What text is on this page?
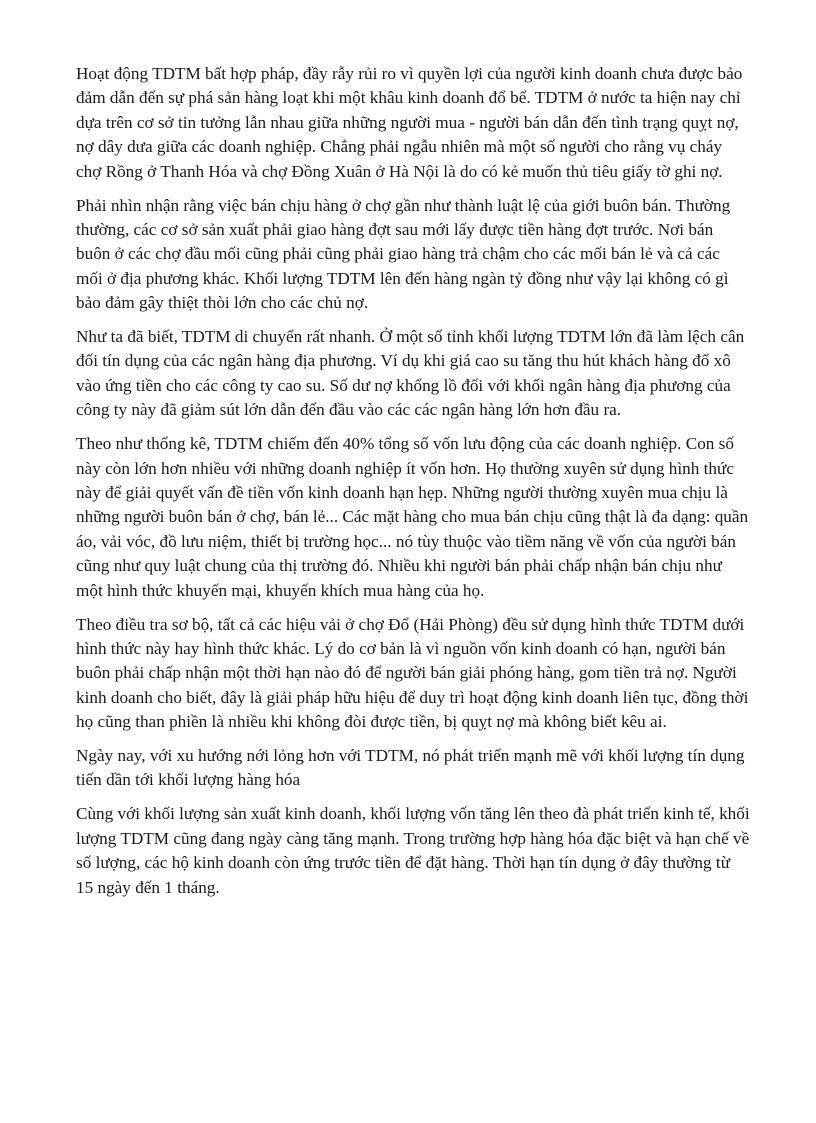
Hoạt động TDTM bất hợp pháp, đầy rẫy rủi ro vì quyền lợi của người kinh doanh chưa được bảo đảm dẫn đến sự phá sản hàng loạt khi một khâu kinh doanh đổ bể. TDTM ở nước ta hiện nay chỉ dựa trên cơ sở tin tưởng lẫn nhau giữa những người mua - người bán dẫn đến tình trạng quỵt nợ, nợ dây dưa giữa các doanh nghiệp. Chẳng phải ngẫu nhiên mà một số người cho rằng vụ cháy chợ Rồng ở Thanh Hóa và chợ Đồng Xuân ở Hà Nội là do có kẻ muốn thủ tiêu giấy tờ ghi nợ.

Phải nhìn nhận rằng việc bán chịu hàng ở chợ gần như thành luật lệ của giới buôn bán. Thường thường, các cơ sở sản xuất phải giao hàng đợt sau mới lấy được tiền hàng đợt trước. Nơi bán buôn ở các chợ đầu mối cũng phải cũng phải giao hàng trả chậm cho các mối bán lẻ và cả các mối ở địa phương khác. Khối lượng TDTM lên đến hàng ngàn tỷ đồng như vậy lại không có gì bảo đảm gây thiệt thòi lớn cho các chủ nợ.

Như ta đã biết, TDTM di chuyển rất nhanh. Ở một số tỉnh khối lượng TDTM lớn đã làm lệch cân đối tín dụng của các ngân hàng địa phương. Ví dụ khi giá cao su tăng thu hút khách hàng đổ xô vào ứng tiền cho các công ty cao su. Số dư nợ khổng lồ đối với khối ngân hàng địa phương của công ty này đã giảm sút lớn dẫn đến đầu vào các các ngân hàng lớn hơn đầu ra.

Theo như thống kê, TDTM chiếm đến 40% tổng số vốn lưu động của các doanh nghiệp. Con số này còn lớn hơn nhiều với những doanh nghiệp ít vốn hơn. Họ thường xuyên sử dụng hình thức này để giải quyết vấn đề tiền vốn kinh doanh hạn hẹp. Những người thường xuyên mua chịu là những người buôn bán ở chợ, bán lẻ... Các mặt hàng cho mua bán chịu cũng thật là đa dạng: quần áo, vải vóc, đồ lưu niệm, thiết bị trường học... nó tùy thuộc vào tiềm năng về vốn của người bán cũng như quy luật chung của thị trường đó. Nhiều khi người bán phải chấp nhận bán chịu như một hình thức khuyến mại, khuyến khích mua hàng của họ.

Theo điều tra sơ bộ, tất cả các hiệu vải ở chợ Đổ (Hải Phòng) đều sử dụng hình thức TDTM dưới hình thức này hay hình thức khác. Lý do cơ bản là vì nguồn vốn kinh doanh có hạn, người bán buôn phải chấp nhận một thời hạn nào đó để người bán giải phóng hàng, gom tiền trả nợ. Người kinh doanh cho biết, đây là giải pháp hữu hiệu để duy trì hoạt động kinh doanh liên tục, đồng thời họ cũng than phiền là nhiều khi không đòi được tiền, bị quỵt nợ mà không biết kêu ai.

Ngày nay, với xu hướng nới lỏng hơn với TDTM, nó phát triển mạnh mẽ với khối lượng tín dụng tiến dần tới khối lượng hàng hóa

Cùng với khối lượng sản xuất kinh doanh, khối lượng vốn tăng lên theo đà phát triển kinh tế, khối lượng TDTM cũng đang ngày càng tăng mạnh. Trong trường hợp hàng hóa đặc biệt và hạn chế về số lượng, các hộ kinh doanh còn ứng trước tiền để đặt hàng. Thời hạn tín dụng ở đây thường từ 15 ngày đến 1 tháng.
